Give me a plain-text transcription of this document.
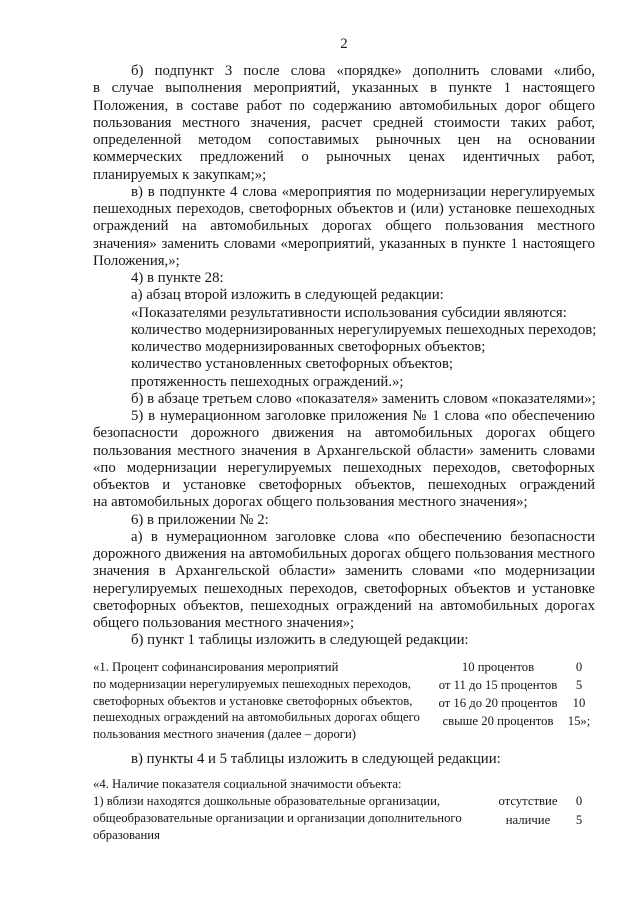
2
б) подпункт 3 после слова «порядке» дополнить словами «либо,
в случае выполнения мероприятий, указанных в пункте 1 настоящего
Положения, в составе работ по содержанию автомобильных дорог общего
пользования местного значения, расчет средней стоимости таких работ,
определенной методом сопоставимых рыночных цен на основании
коммерческих предложений о рыночных ценах идентичных работ,
планируемых к закупкам;»;
в) в подпункте 4 слова «мероприятия по модернизации нерегулируемых
пешеходных переходов, светофорных объектов и (или) установке пешеходных
ограждений на автомобильных дорогах общего пользования местного
значения» заменить словами «мероприятий, указанных в пункте 1 настоящего
Положения,»;
4) в пункте 28:
а) абзац второй изложить в следующей редакции:
«Показателями результативности использования субсидии являются:
количество модернизированных нерегулируемых пешеходных переходов;
количество модернизированных светофорных объектов;
количество установленных светофорных объектов;
протяженность пешеходных ограждений.»;
б) в абзаце третьем слово «показателя» заменить словом «показателями»;
5) в нумерационном заголовке приложения № 1 слова «по обеспечению
безопасности дорожного движения на автомобильных дорогах общего
пользования местного значения в Архангельской области» заменить словами
«по модернизации нерегулируемых пешеходных переходов, светофорных
объектов и установке светофорных объектов, пешеходных ограждений
на автомобильных дорогах общего пользования местного значения»;
6) в приложении № 2:
а) в нумерационном заголовке слова «по обеспечению безопасности
дорожного движения на автомобильных дорогах общего пользования местного
значения в Архангельской области» заменить словами «по модернизации
нерегулируемых пешеходных переходов, светофорных объектов и установке
светофорных объектов, пешеходных ограждений на автомобильных дорогах
общего пользования местного значения»;
б) пункт 1 таблицы изложить в следующей редакции:
«1. Процент софинансирования мероприятий
по модернизации нерегулируемых пешеходных переходов,
светофорных объектов и установке светофорных объектов,
пешеходных ограждений на автомобильных дорогах общего
пользования местного значения (далее – дороги)
10 процентов
от 11 до 15 процентов
от 16 до 20 процентов
свыше 20 процентов
0
5
10
15»;
в) пункты 4 и 5 таблицы изложить в следующей редакции:
«4. Наличие показателя социальной значимости объекта:
1) вблизи находятся дошкольные образовательные организации,
общеобразовательные организации и организации дополнительного
образования
отсутствие
наличие
0
5
